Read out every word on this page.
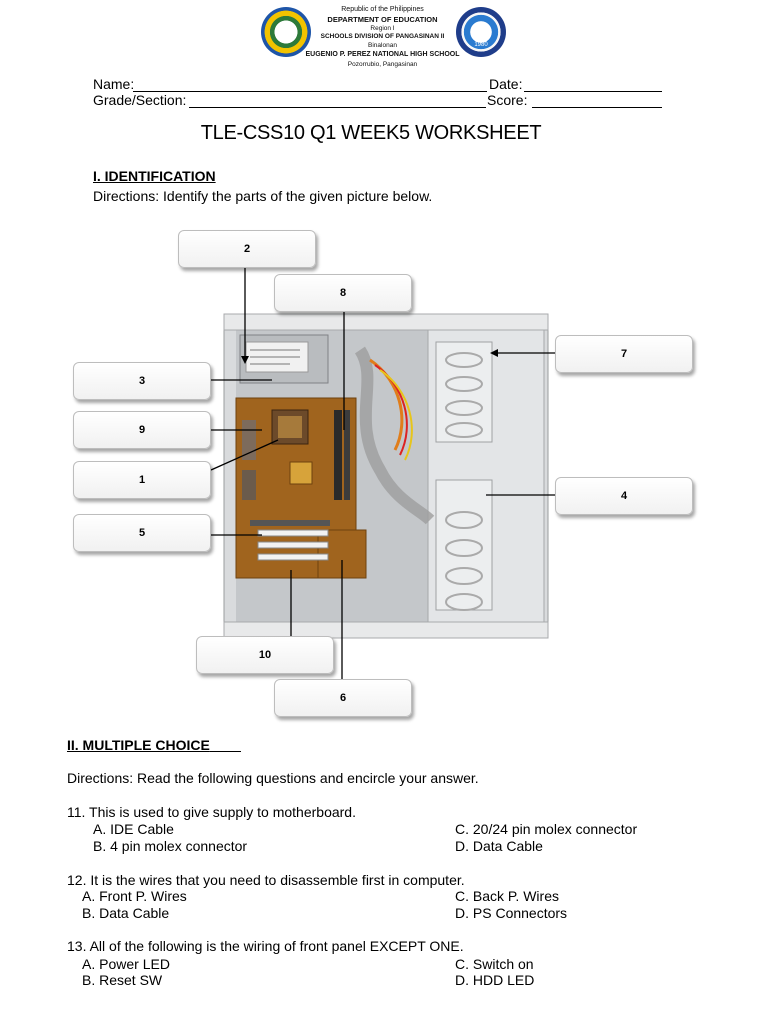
1980
Republic of the Philippines
DEPARTMENT OF EDUCATION
Region I
SCHOOLS DIVISION OF PANGASINAN II
Binalonan
EUGENIO P. PEREZ NATIONAL HIGH SCHOOL
Pozorrubio, Pangasinan
Name:	Date:
Grade/Section:	Score:
TLE-CSS10 Q1 WEEK5 WORKSHEET
I. IDENTIFICATION
Directions: Identify the parts of the given picture below.
2
8
7
3
9
1
5
4
10
6
II. MULTIPLE CHOICE
Directions: Read the following questions and encircle your answer.
11. This is used to give supply to motherboard.
A. IDE Cable
B. 4 pin molex connector
C. 20/24 pin molex connector
D. Data Cable
12. It is the wires that you need to disassemble first in computer.
A. Front P. Wires
B. Data Cable
C. Back P. Wires
D. PS Connectors
13. All of the following is the wiring of front panel EXCEPT ONE.
A. Power LED
B. Reset SW
C. Switch on
D. HDD LED
